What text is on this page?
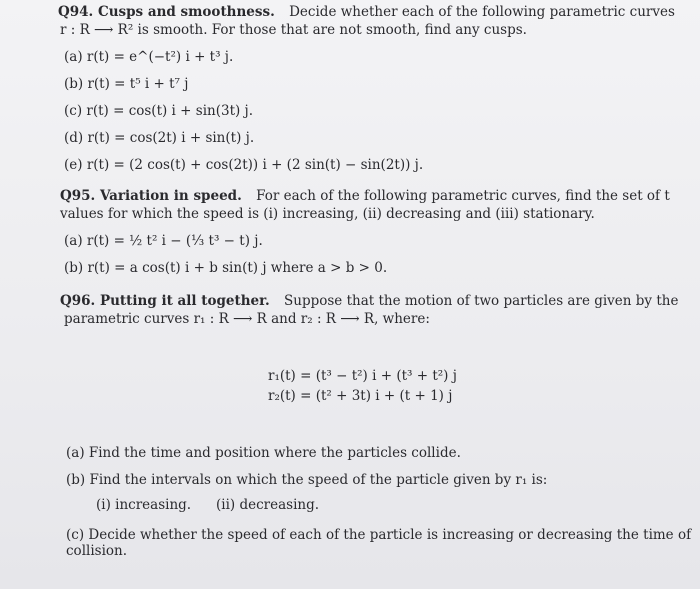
Q94. Cusps and smoothness. Decide whether each of the following parametric curves
r : R ⟶ R² is smooth. For those that are not smooth, find any cusps.
(a) r(t) = e^(−t²) i + t³ j.
(b) r(t) = t⁵ i + t⁷ j
(c) r(t) = cos(t) i + sin(3t) j.
(d) r(t) = cos(2t) i + sin(t) j.
(e) r(t) = (2 cos(t) + cos(2t)) i + (2 sin(t) − sin(2t)) j.
Q95. Variation in speed. For each of the following parametric curves, find the set of t
values for which the speed is (i) increasing, (ii) decreasing and (iii) stationary.
(a) r(t) = ½ t² i − (⅓ t³ − t) j.
(b) r(t) = a cos(t) i + b sin(t) j where a > b > 0.
Q96. Putting it all together. Suppose that the motion of two particles are given by the
parametric curves r₁ : R ⟶ R and r₂ : R ⟶ R, where:
r₁(t) = (t³ − t²) i + (t³ + t²) j
r₂(t) = (t² + 3t) i + (t + 1) j
(a) Find the time and position where the particles collide.
(b) Find the intervals on which the speed of the particle given by r₁ is:
(i) increasing. (ii) decreasing.
(c) Decide whether the speed of each of the particle is increasing or decreasing the time of
collision.
